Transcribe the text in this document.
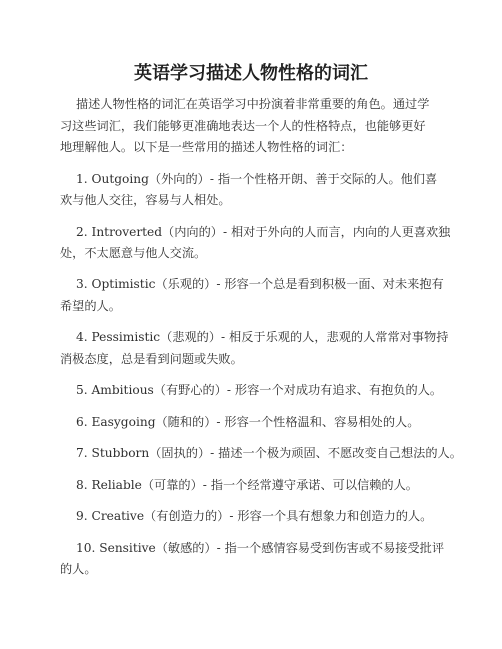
英语学习描述人物性格的词汇

描述人物性格的词汇在英语学习中扮演着非常重要的角色。通过学

习这些词汇，我们能够更准确地表达一个人的性格特点，也能够更好

地理解他人。以下是一些常用的描述人物性格的词汇：

1. Outgoing（外向的）- 指一个性格开朗、善于交际的人。他们喜

欢与他人交往，容易与人相处。

2. Introverted（内向的）- 相对于外向的人而言，内向的人更喜欢独

处，不太愿意与他人交流。

3. Optimistic（乐观的）- 形容一个总是看到积极一面、对未来抱有

希望的人。

4. Pessimistic（悲观的）- 相反于乐观的人，悲观的人常常对事物持

消极态度，总是看到问题或失败。

5. Ambitious（有野心的）- 形容一个对成功有追求、有抱负的人。

6. Easygoing（随和的）- 形容一个性格温和、容易相处的人。

7. Stubborn（固执的）- 描述一个极为顽固、不愿改变自己想法的人。

8. Reliable（可靠的）- 指一个经常遵守承诺、可以信赖的人。

9. Creative（有创造力的）- 形容一个具有想象力和创造力的人。

10. Sensitive（敏感的）- 指一个感情容易受到伤害或不易接受批评

的人。
